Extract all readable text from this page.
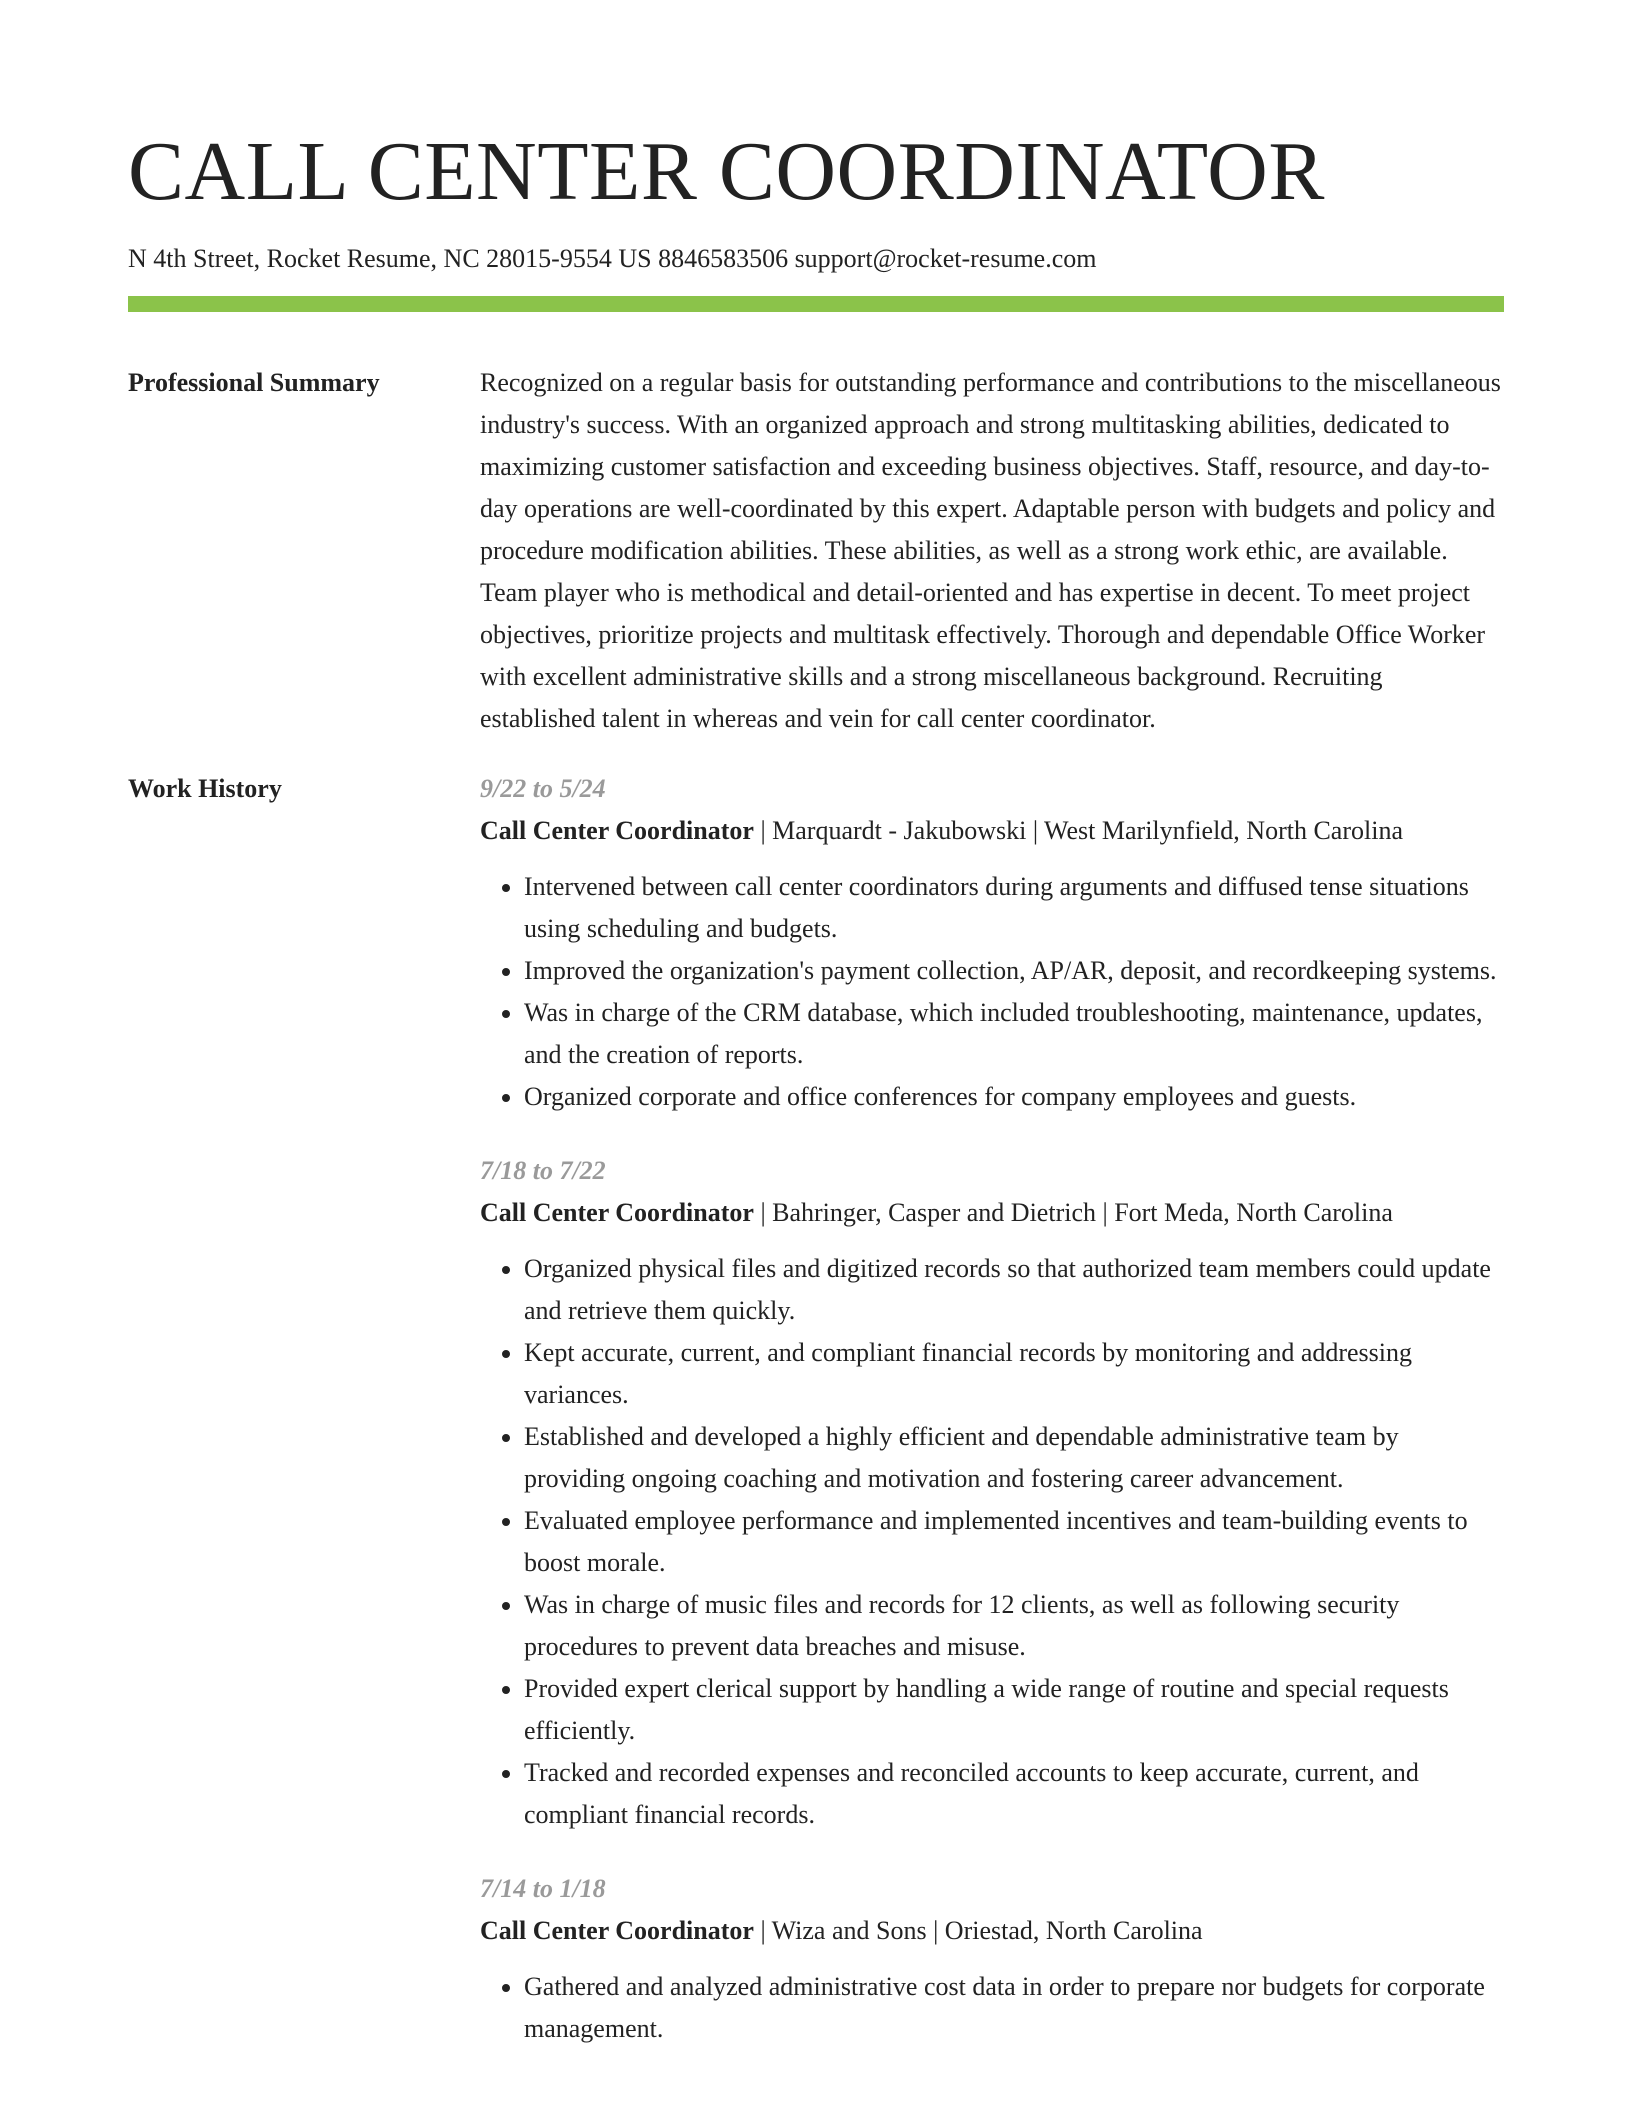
CALL CENTER COORDINATOR
N 4th Street, Rocket Resume, NC 28015-9554 US 8846583506 support@rocket-resume.com
Professional Summary	Recognized on a regular basis for outstanding performance and contributions to the miscellaneous industry's success. With an organized approach and strong multitasking abilities, dedicated to maximizing customer satisfaction and exceeding business objectives. Staff, resource, and day-to-day operations are well-coordinated by this expert. Adaptable person with budgets and policy and procedure modification abilities. These abilities, as well as a strong work ethic, are available. Team player who is methodical and detail-oriented and has expertise in decent. To meet project objectives, prioritize projects and multitask effectively. Thorough and dependable Office Worker with excellent administrative skills and a strong miscellaneous background. Recruiting established talent in whereas and vein for call center coordinator.

Work History	9/22 to 5/24
Call Center Coordinator | Marquardt - Jakubowski | West Marilynfield, North Carolina
• Intervened between call center coordinators during arguments and diffused tense situations using scheduling and budgets.
• Improved the organization's payment collection, AP/AR, deposit, and recordkeeping systems.
• Was in charge of the CRM database, which included troubleshooting, maintenance, updates, and the creation of reports.
• Organized corporate and office conferences for company employees and guests.
7/18 to 7/22
Call Center Coordinator | Bahringer, Casper and Dietrich | Fort Meda, North Carolina
• Organized physical files and digitized records so that authorized team members could update and retrieve them quickly.
• Kept accurate, current, and compliant financial records by monitoring and addressing variances.
• Established and developed a highly efficient and dependable administrative team by providing ongoing coaching and motivation and fostering career advancement.
• Evaluated employee performance and implemented incentives and team-building events to boost morale.
• Was in charge of music files and records for 12 clients, as well as following security procedures to prevent data breaches and misuse.
• Provided expert clerical support by handling a wide range of routine and special requests efficiently.
• Tracked and recorded expenses and reconciled accounts to keep accurate, current, and compliant financial records.
7/14 to 1/18
Call Center Coordinator | Wiza and Sons | Oriestad, North Carolina
• Gathered and analyzed administrative cost data in order to prepare nor budgets for corporate management.
